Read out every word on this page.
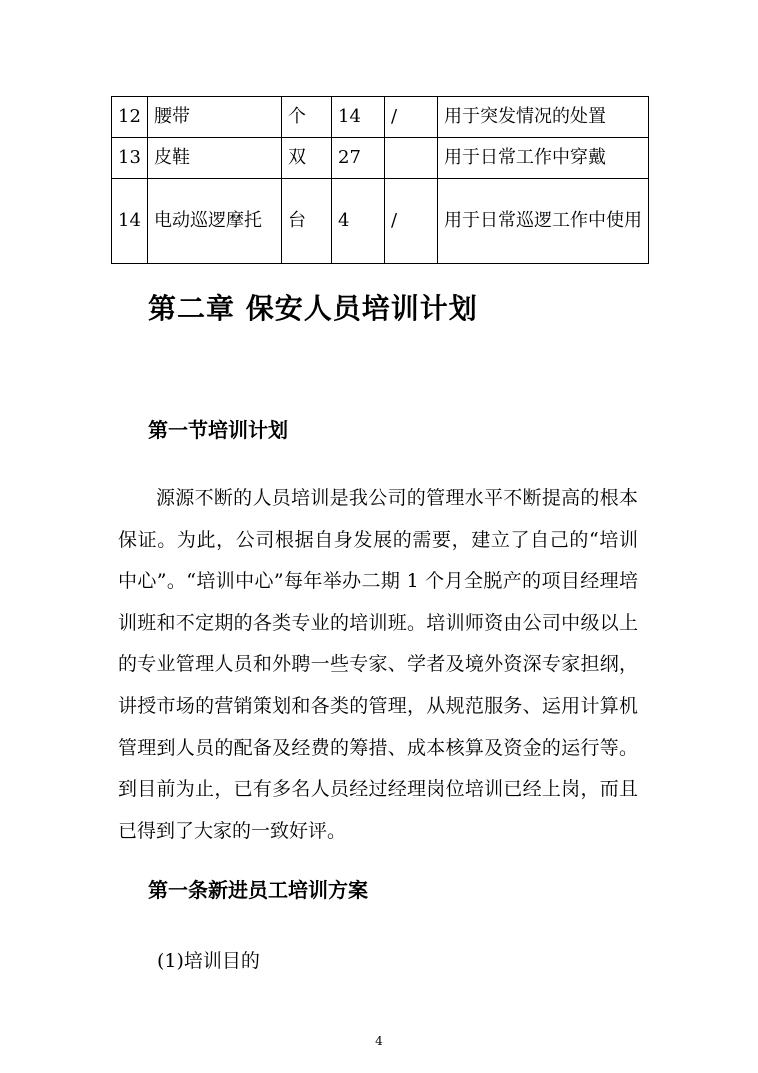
12	腰带	个	14	/	用于突发情况的处置
13	皮鞋	双	27		用于日常工作中穿戴
14	电动巡逻摩托	台	4	/	用于日常巡逻工作中使用
第二章 保安人员培训计划
第一节培训计划

源源不断的人员培训是我公司的管理水平不断提高的根本保证。为此，公司根据自身发展的需要，建立了自己的“培训中心”。“培训中心”每年举办二期 1 个月全脱产的项目经理培训班和不定期的各类专业的培训班。培训师资由公司中级以上的专业管理人员和外聘一些专家、学者及境外资深专家担纲，讲授市场的营销策划和各类的管理，从规范服务、运用计算机管理到人员的配备及经费的筹措、成本核算及资金的运行等。到目前为止，已有多名人员经过经理岗位培训已经上岗，而且已得到了大家的一致好评。

第一条新进员工培训方案
(1)培训目的
4
